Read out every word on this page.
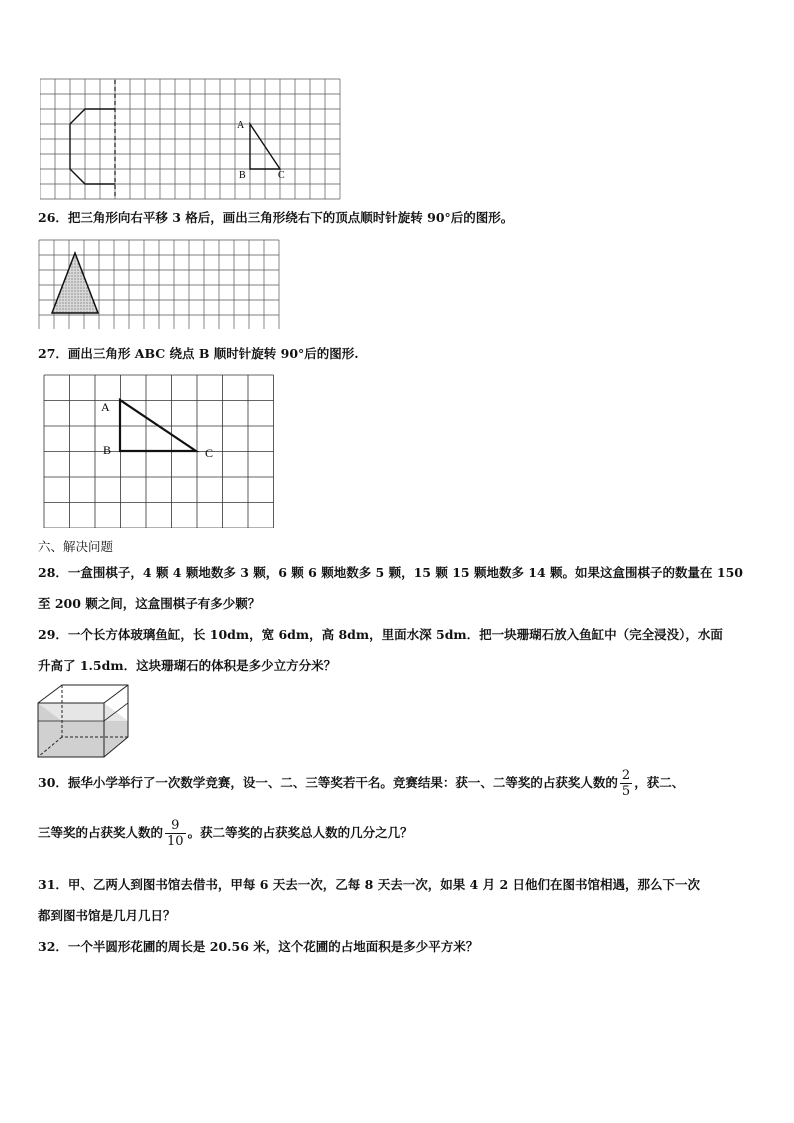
A
B	C
26．把三角形向右平移 3 格后，画出三角形绕右下的顶点顺时针旋转 90°后的图形。
27．画出三角形 ABC 绕点 B 顺时针旋转 90°后的图形.
A
B	C
六、解决问题
28．一盒围棋子，4 颗 4 颗地数多 3 颗，6 颗 6 颗地数多 5 颗，15 颗 15 颗地数多 14 颗。如果这盒围棋子的数量在 150
至 200 颗之间，这盒围棋子有多少颗？
29．一个长方体玻璃鱼缸，长 10dm，宽 6dm，高 8dm，里面水深 5dm．把一块珊瑚石放入鱼缸中（完全浸没），水面
升高了 1.5dm．这块珊瑚石的体积是多少立方分米？
30．振华小学举行了一次数学竞赛，设一、二、三等奖若干名。竞赛结果：获一、二等奖的占获奖人数的 $\frac{2}{5}$ ，获二、
三等奖的占获奖人数的 $\frac{9}{10}$ 。获二等奖的占获奖总人数的几分之几？
31．甲、乙两人到图书馆去借书，甲每 6 天去一次，乙每 8 天去一次，如果 4 月 2 日他们在图书馆相遇，那么下一次
都到图书馆是几月几日？
32．一个半圆形花圃的周长是 20.56 米，这个花圃的占地面积是多少平方米？
